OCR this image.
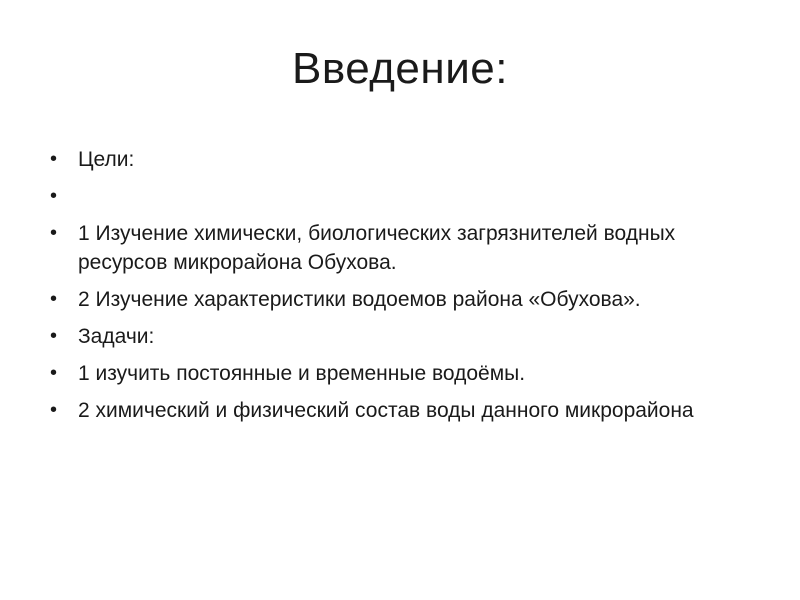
Введение:
• Цели:
•
• 1 Изучение химически, биологических загрязнителей водных ресурсов микрорайона Обухова.
• 2 Изучение характеристики водоемов района «Обухова».
• Задачи:
• 1 изучить постоянные и временные водоёмы.
• 2 химический и физический состав воды данного микрорайона
